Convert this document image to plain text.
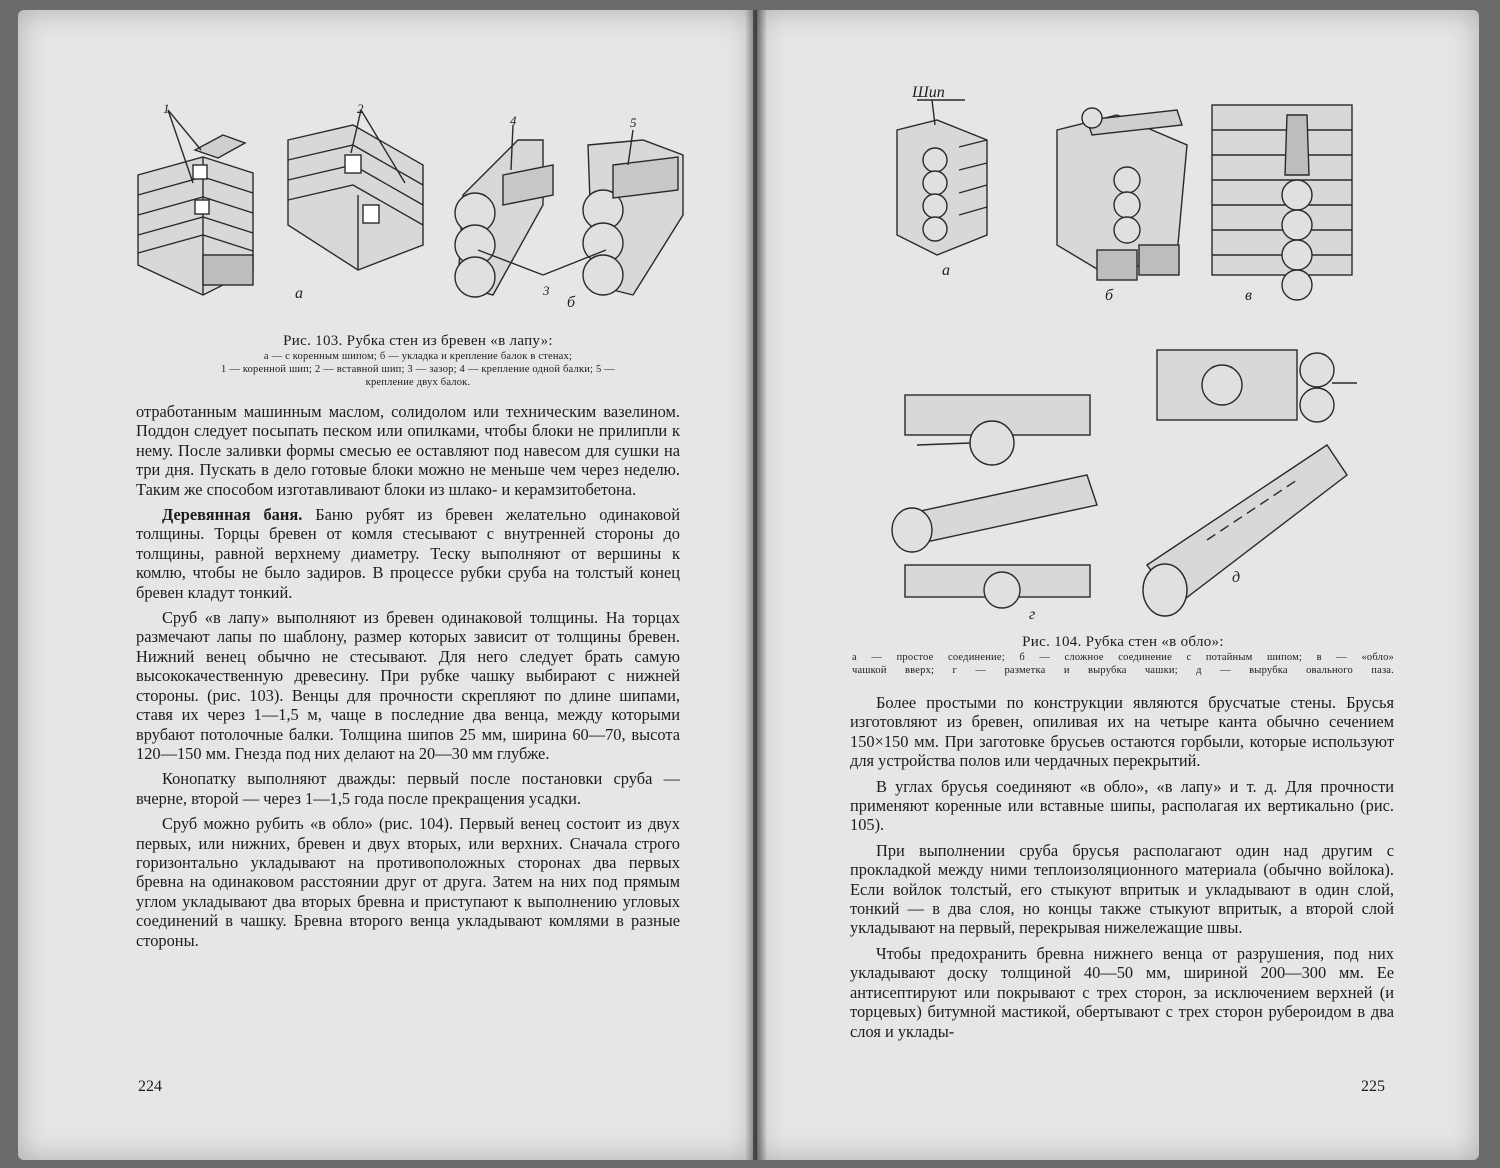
1	2
4	5
3
а
б
Рис. 103. Рубка стен из бревен «в лапу»:
а — с коренным шипом; б — укладка и крепление балок в стенах;
1 — коренной шип; 2 — вставной шип; 3 — зазор; 4 — крепление одной балки; 5 —
крепление двух балок.

отработанным машинным маслом, солидолом или техническим вазелином. Поддон следует посыпать песком или опилками, чтобы блоки не прилипли к нему. После заливки формы смесью ее оставляют под навесом для сушки на три дня. Пускать в дело готовые блоки можно не меньше чем через неделю. Таким же способом изготавливают блоки из шлако- и керамзитобетона.

Деревянная баня. Баню рубят из бревен желательно одинаковой толщины. Торцы бревен от комля стесывают с внутренней стороны до толщины, равной верхнему диаметру. Теску выполняют от вершины к комлю, чтобы не было задиров. В процессе рубки сруба на толстый конец бревен кладут тонкий.

Сруб «в лапу» выполняют из бревен одинаковой толщины. На торцах размечают лапы по шаблону, размер которых зависит от толщины бревен. Нижний венец обычно не стесывают. Для него следует брать самую высококачественную древесину. При рубке чашку выбирают с нижней стороны. (рис. 103). Венцы для прочности скрепляют по длине шипами, ставя их через 1—1,5 м, чаще в последние два венца, между которыми врубают потолочные балки. Толщина шипов 25 мм, ширина 60—70, высота 120—150 мм. Гнезда под них делают на 20—30 мм глубже.

Конопатку выполняют дважды: первый после постановки сруба — вчерне, второй — через 1—1,5 года после прекращения усадки.

Сруб можно рубить «в обло» (рис. 104). Первый венец состоит из двух первых, или нижних, бревен и двух вторых, или верхних. Сначала строго горизонтально укладывают на противоположных сторонах два первых бревна на одинаковом расстоянии друг от друга. Затем на них под прямым углом укладывают два вторых бревна и приступают к выполнению угловых соединений в чашку. Бревна второго венца укладывают комлями в разные стороны.

224
Шип
а
б	в
г
д
Рис. 104. Рубка стен «в обло»:
а — простое соединение; б — сложное соединение с потайным шипом; в — «обло»
чашкой вверх; г — разметка и вырубка чашки; д — вырубка овального паза.

Более простыми по конструкции являются брусчатые стены. Брусья изготовляют из бревен, опиливая их на четыре канта обычно сечением 150×150 мм. При заготовке брусьев остаются горбыли, которые используют для устройства полов или чердачных перекрытий.

В углах брусья соединяют «в обло», «в лапу» и т. д. Для прочности применяют коренные или вставные шипы, располагая их вертикально (рис. 105).

При выполнении сруба брусья располагают один над другим с прокладкой между ними теплоизоляционного материала (обычно войлока). Если войлок толстый, его стыкуют впритык и укладывают в один слой, тонкий — в два слоя, но концы также стыкуют впритык, а второй слой укладывают на первый, перекрывая нижележащие швы.

Чтобы предохранить бревна нижнего венца от разрушения, под них укладывают доску толщиной 40—50 мм, шириной 200—300 мм. Ее антисептируют или покрывают с трех сторон, за исключением верхней (и торцевых) битумной мастикой, обертывают с трех сторон рубероидом в два слоя и уклады-

225
